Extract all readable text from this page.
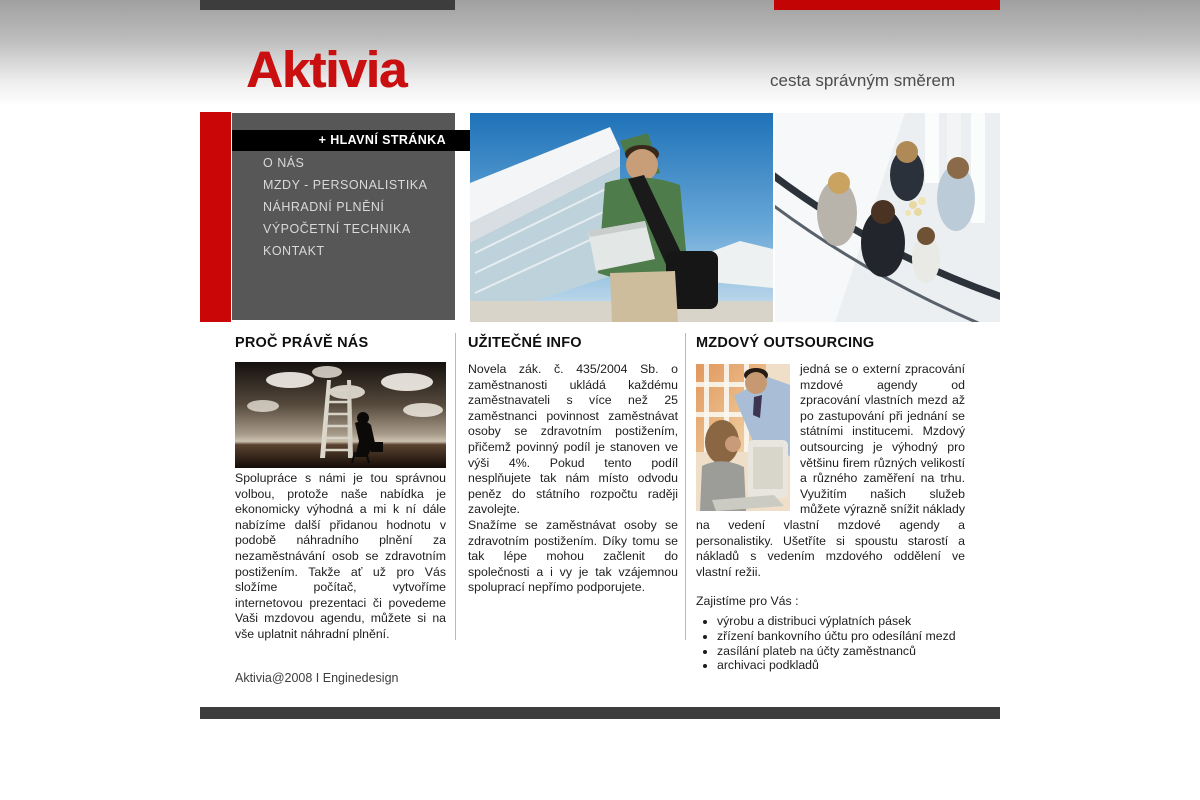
Aktivia	cesta správným směrem
+ HLAVNÍ STRÁNKA
O NÁS
MZDY - PERSONALISTIKA
NÁHRADNÍ PLNĚNÍ
VÝPOČETNÍ TECHNIKA
KONTAKT
PROČ PRÁVĚ NÁS

Spolupráce s námi je tou správnou volbou, protože naše nabídka je ekonomicky výhodná a mi k ní dále nabízíme další přidanou hodnotu v podobě náhradního plnění za nezaměstnávání osob se zdravotním postižením. Takže ať už pro Vás složíme počítač, vytvoříme internetovou prezentaci či povedeme Vaši mzdovou agendu, můžete si na vše uplatnit náhradní plnění.

UŽITEČNÉ INFO

Novela zák. č. 435/2004 Sb. o zaměstnanosti ukládá každému zaměstnavateli s více než 25 zaměstnanci povinnost zaměstnávat osoby se zdravotním postižením, přičemž povinný podíl je stanoven ve výši 4%. Pokud tento podíl nesplňujete tak nám místo odvodu peněz do státního rozpočtu raději zavolejte.

Snažíme se zaměstnávat osoby se zdravotním postižením. Díky tomu se tak lépe mohou začlenit do společnosti a i vy je tak vzájemnou spoluprací nepřímo podporujete.

MZDOVÝ OUTSOURCING
jedná se o externí zpracování mzdové agendy od zpracování vlastních mezd až po zastupování při jednání se státními institucemi. Mzdový outsourcing je výhodný pro většinu firem různých velikostí a různého zaměření na trhu. Využitím našich služeb můžete výrazně snížit náklady na vedení vlastní mzdové agendy a personalistiky. Ušetříte si spoustu starostí a nákladů s vedením mzdového oddělení ve vlastní režii.

Zajistíme pro Vás :

• výrobu a distribuci výplatních pásek
• zřízení bankovního účtu pro odesílání mezd
• zasílání plateb na účty zaměstnanců
• archivaci podkladů
Aktivia@2008 I Enginedesign
